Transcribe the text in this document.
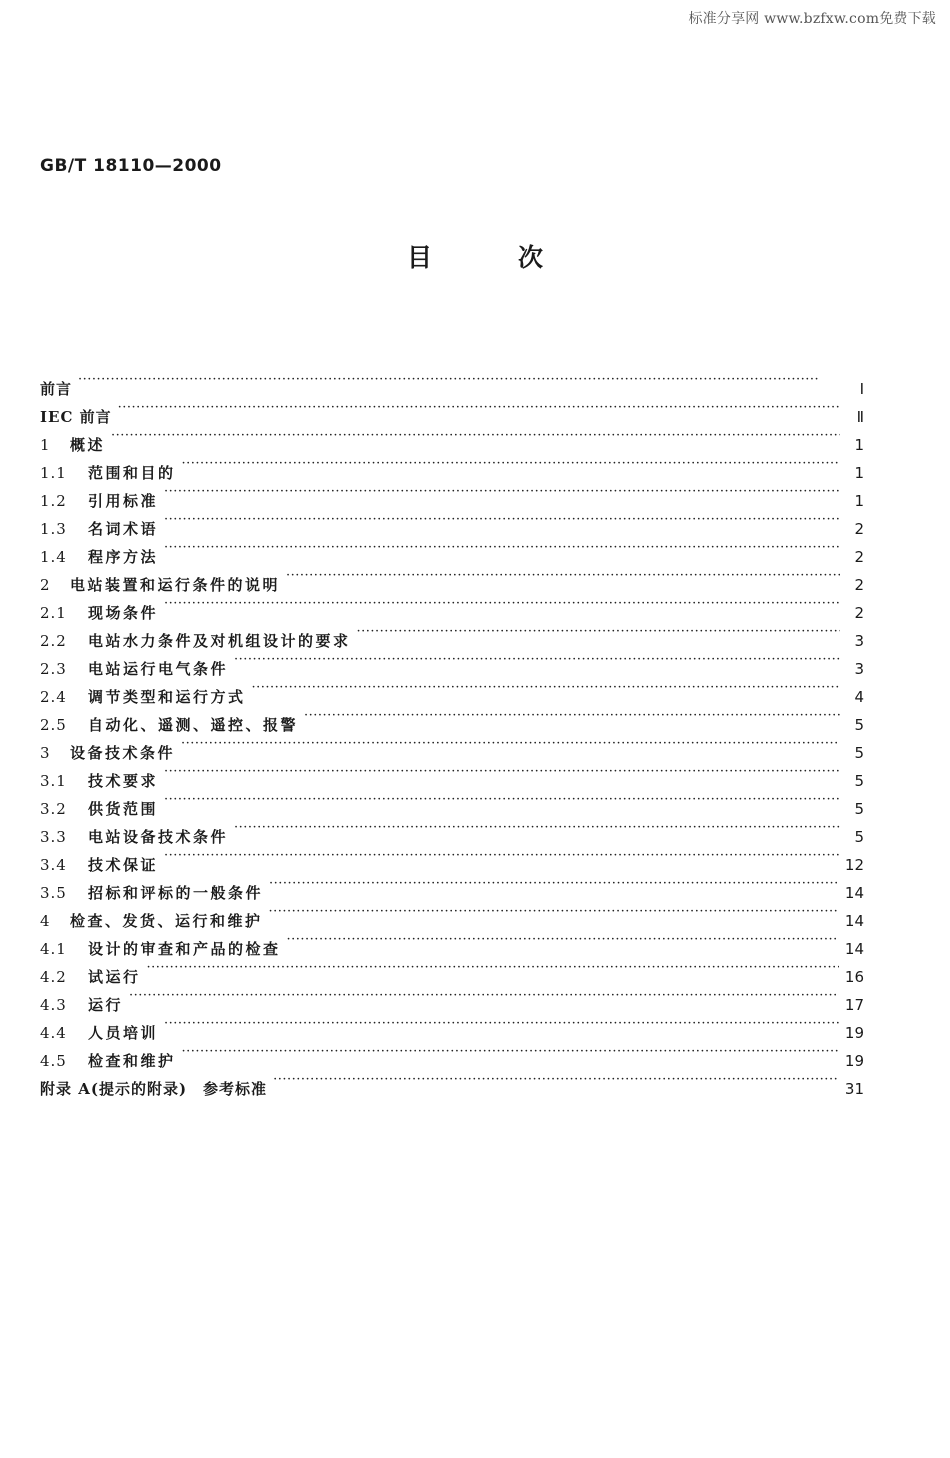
标准分享网 www.bzfxw.com免费下载
GB/T 18110—2000
目次
前言 ·····	I
IEC 前言 ·····	Ⅱ
1	概述 ·····	1
1.1	范围和目的 ·····	1
1.2	引用标准 ·····	1
1.3	名词术语 ·····	2
1.4	程序方法 ·····	2
2	电站装置和运行条件的说明 ·····	2
2.1	现场条件 ·····	2
2.2	电站水力条件及对机组设计的要求 ·····	3
2.3	电站运行电气条件 ·····	3
2.4	调节类型和运行方式 ·····	4
2.5	自动化、遥测、遥控、报警 ·····	5
3	设备技术条件 ·····	5
3.1	技术要求 ·····	5
3.2	供货范围 ·····	5
3.3	电站设备技术条件 ·····	5
3.4	技术保证 ·····	12
3.5	招标和评标的一般条件 ·····	14
4	检查、发货、运行和维护 ·····	14
4.1	设计的审查和产品的检查 ·····	14
4.2	试运行 ·····	16
4.3	运行 ·····	17
4.4	人员培训 ·····	19
4.5	检查和维护 ·····	19
附录 A(提示的附录)　参考标准 ·····	31
